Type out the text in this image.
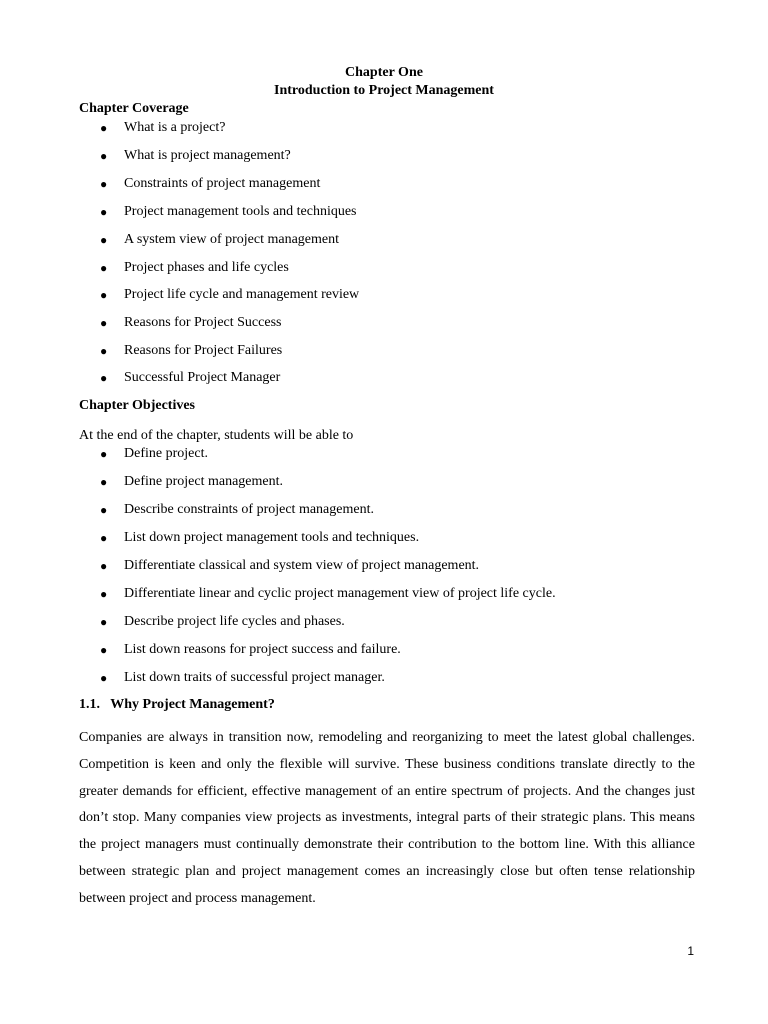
Chapter One
Introduction to Project Management
Chapter Coverage
● What is a project?
● What is project management?
● Constraints of project management
● Project management tools and techniques
● A system view of project management
● Project phases and life cycles
● Project life cycle and management review
● Reasons for Project Success
● Reasons for Project Failures
● Successful Project Manager
Chapter Objectives
At the end of the chapter, students will be able to
● Define project.
● Define project management.
● Describe constraints of project management.
● List down project management tools and techniques.
● Differentiate classical and system view of project management.
● Differentiate linear and cyclic project management view of project life cycle.
● Describe project life cycles and phases.
● List down reasons for project success and failure.
● List down traits of successful project manager.
1.1.   Why Project Management?

Companies are always in transition now, remodeling and reorganizing to meet the latest global challenges. Competition is keen and only the flexible will survive. These business conditions translate directly to the greater demands for efficient, effective management of an entire spectrum of projects. And the changes just don’t stop. Many companies view projects as investments, integral parts of their strategic plans. This means the project managers must continually demonstrate their contribution to the bottom line. With this alliance between strategic plan and project management comes an increasingly close but often tense relationship between project and process management.

1
